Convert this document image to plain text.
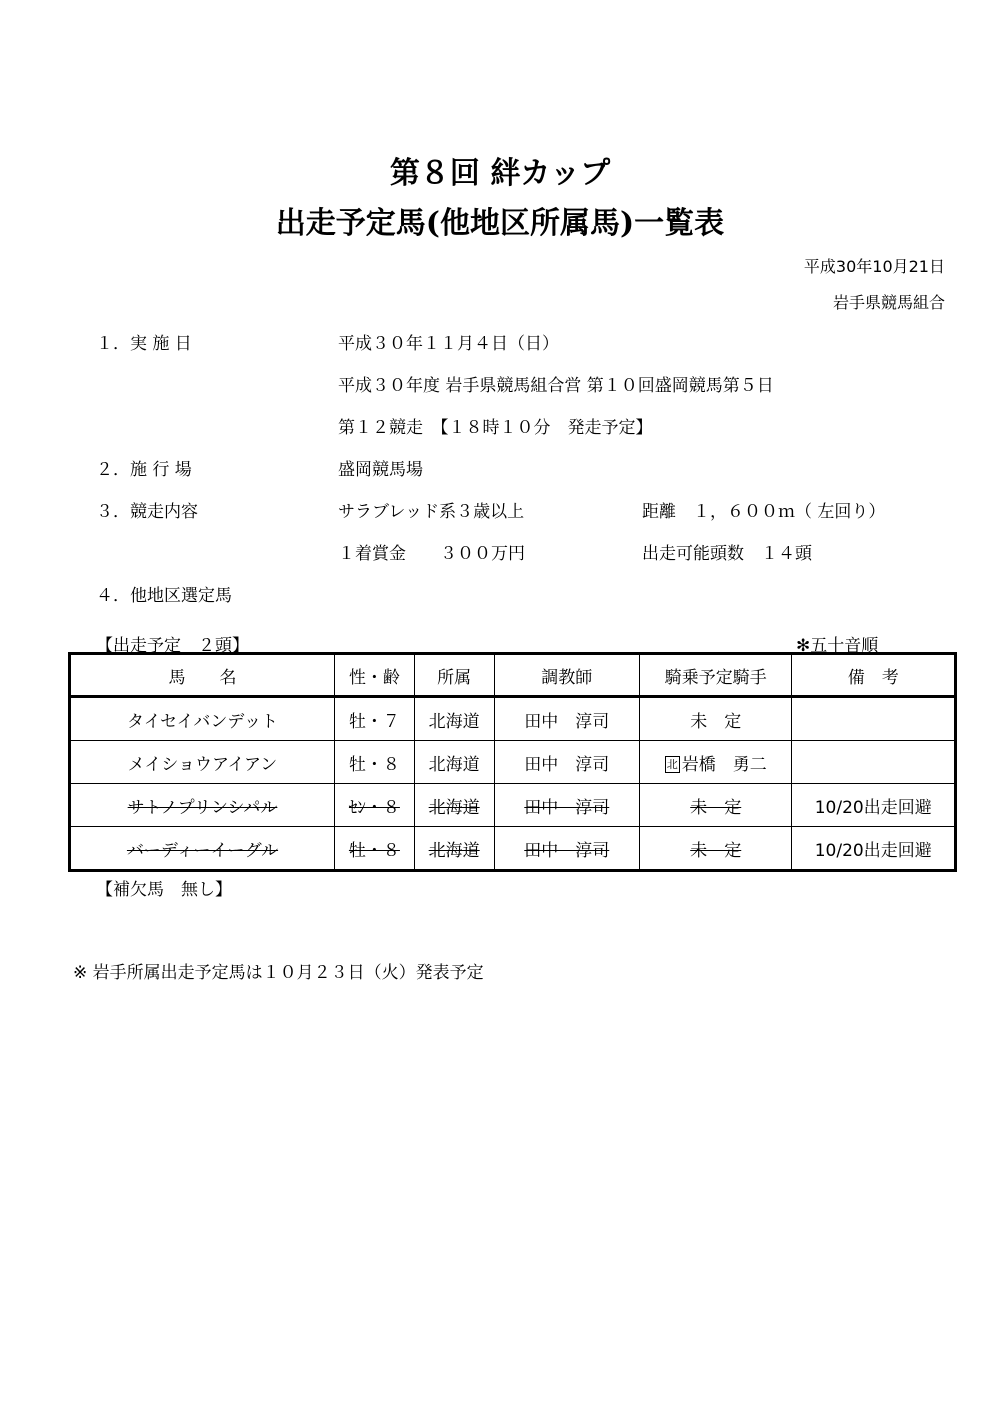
第８回 絆カップ
出走予定馬(他地区所属馬)一覧表
平成30年10月21日
岩手県競馬組合
１．実 施 日	平成３０年１１月４日（日）
平成３０年度 岩手県競馬組合営 第１０回盛岡競馬第５日
第１２競走　【１８時１０分　発走予定】
２．施 行 場	盛岡競馬場
３．競走内容	サラブレッド系３歳以上	距離　１，６００ｍ（ 左回り）
１着賞金　　３００万円	出走可能頭数　１４頭
４．他地区選定馬
【出走予定　２頭】	✻五十音順
馬　　名	性・齢	所属	調教師	騎乗予定騎手	備　考
タイセイバンデット	牡・７	北海道	田中　淳司	未　定	
メイショウアイアン	牡・８	北海道	田中　淳司	北 岩橋　勇二	
サトノプリンシパル	ｾﾝ・８	北海道	田中　淳司	未　定	10/20出走回避
バーディーイーグル	牡・８	北海道	田中　淳司	未　定	10/20出走回避
【補欠馬　無し】
※ 岩手所属出走予定馬は１０月２３日（火）発表予定
